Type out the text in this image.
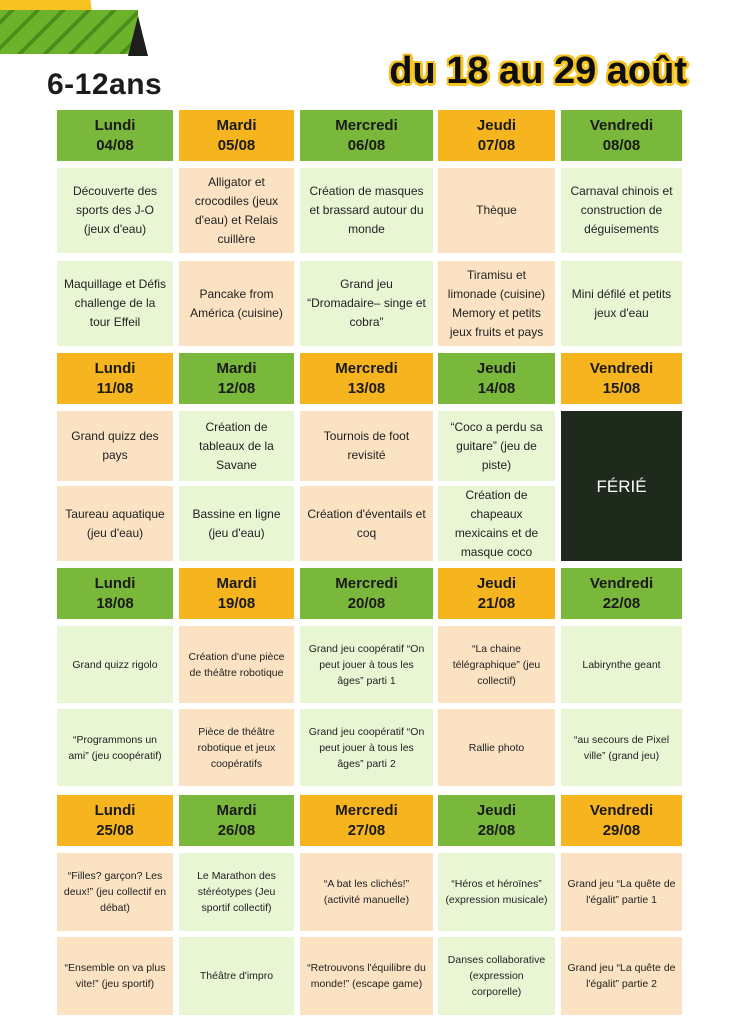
6-12ans	du 18 au 29 août
Lundi
04/08
Découverte des sports des J-O (jeux d'eau)
Maquillage et Défis challenge de la tour Effeil
Mardi
05/08
Alligator et crocodiles (jeux d'eau) et Relais cuillère
Pancake from América (cuisine)
Mercredi
06/08
Création de masques et brassard autour du monde
Grand jeu “Dromadaire– singe et cobra”
Jeudi
07/08
Thèque
Tiramisu et limonade (cuisine) Memory et petits jeux fruits et pays
Vendredi
08/08
Carnaval chinois et construction de déguisements
Mini défilé et petits jeux d'eau
Lundi
11/08
Grand quizz des pays
Taureau aquatique (jeu d'eau)
Mardi
12/08
Création de tableaux de la Savane
Bassine en ligne (jeu d'eau)
Mercredi
13/08
Tournois de foot revisité
Création d'éventails et coq
Jeudi
14/08
“Coco a perdu sa guitare” (jeu de piste)
Création de chapeaux mexicains et de masque coco
Vendredi
15/08
FÉRIÉ
Lundi
18/08
Grand quizz rigolo
“Programmons un ami” (jeu coopératif)
Mardi
19/08
Création d'une pièce de théâtre robotique
Pièce de théâtre robotique et jeux coopératifs
Mercredi
20/08
Grand jeu coopératif “On peut jouer à tous les âges” parti 1
Grand jeu coopératif “On peut jouer à tous les âges” parti 2
Jeudi
21/08
“La chaine télégraphique” (jeu collectif)
Rallie photo
Vendredi
22/08
Labirynthe geant
“au secours de Pixel ville” (grand jeu)
Lundi
25/08
“Filles? garçon? Les deux!” (jeu collectif en débat)
“Ensemble on va plus vite!” (jeu sportif)
Mardi
26/08
Le Marathon des stéréotypes (Jeu sportif collectif)
Théâtre d'impro
Mercredi
27/08
“A bat les clichés!” (activité manuelle)
“Retrouvons l'équilibre du monde!” (escape game)
Jeudi
28/08
“Héros et héroïnes” (expression musicale)
Danses collaborative (expression corporelle)
Vendredi
29/08
Grand jeu “La quête de l'égalit” partie 1
Grand jeu “La quête de l'égalit” partie 2
